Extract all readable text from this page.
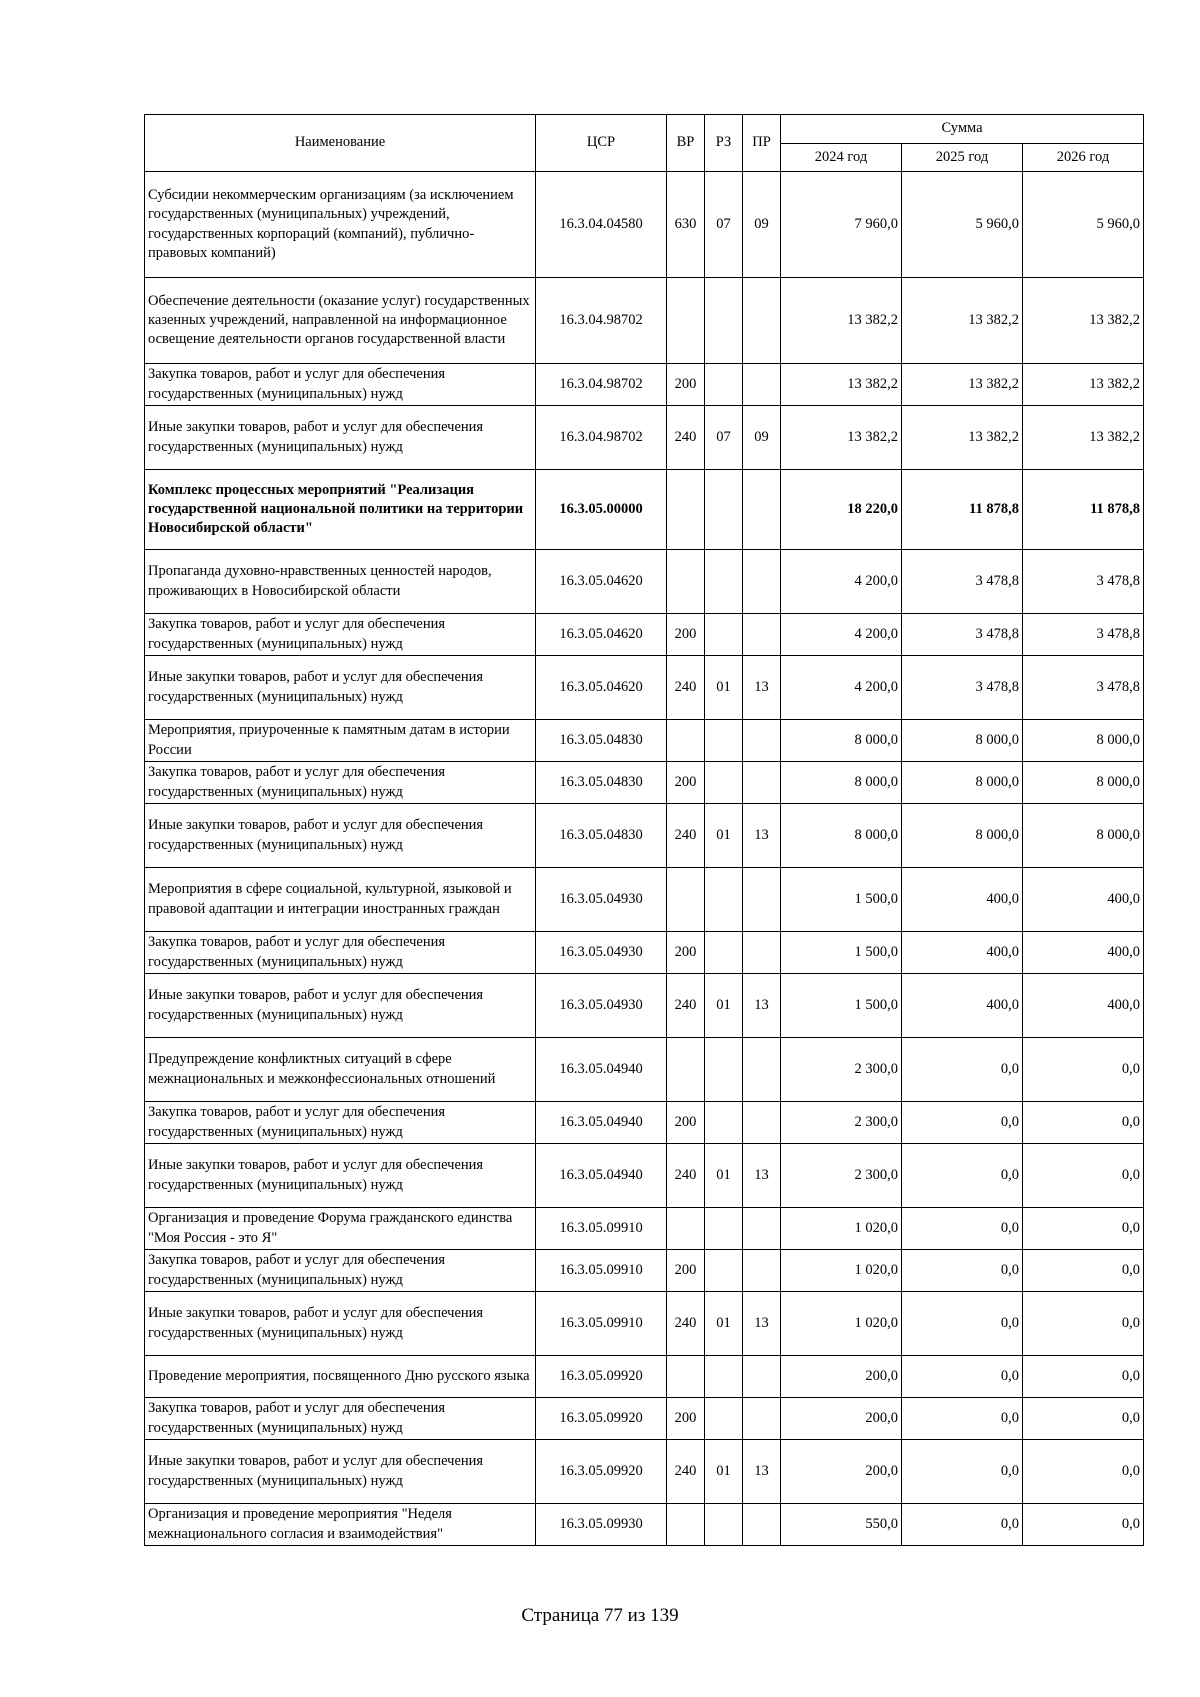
Наименование	ЦСР	ВР	РЗ	ПР	Сумма		
					2024 год	2025 год	2026 год
Субсидии некоммерческим организациям (за исключением государственных (муниципальных) учреждений, государственных корпораций (компаний), публично-правовых компаний)	16.3.04.04580	630	07	09	7 960,0	5 960,0	5 960,0
Обеспечение деятельности (оказание услуг) государственных казенных учреждений, направленной на информационное освещение деятельности органов государственной власти	16.3.04.98702				13 382,2	13 382,2	13 382,2
Закупка товаров, работ и услуг для обеспечения государственных (муниципальных) нужд	16.3.04.98702	200			13 382,2	13 382,2	13 382,2
Иные закупки товаров, работ и услуг для обеспечения государственных (муниципальных) нужд	16.3.04.98702	240	07	09	13 382,2	13 382,2	13 382,2
Комплекс процессных мероприятий "Реализация государственной национальной политики на территории Новосибирской области"	16.3.05.00000				18 220,0	11 878,8	11 878,8
Пропаганда духовно-нравственных ценностей народов, проживающих в Новосибирской области	16.3.05.04620				4 200,0	3 478,8	3 478,8
Закупка товаров, работ и услуг для обеспечения государственных (муниципальных) нужд	16.3.05.04620	200			4 200,0	3 478,8	3 478,8
Иные закупки товаров, работ и услуг для обеспечения государственных (муниципальных) нужд	16.3.05.04620	240	01	13	4 200,0	3 478,8	3 478,8
Мероприятия, приуроченные к памятным датам в истории России	16.3.05.04830				8 000,0	8 000,0	8 000,0
Закупка товаров, работ и услуг для обеспечения государственных (муниципальных) нужд	16.3.05.04830	200			8 000,0	8 000,0	8 000,0
Иные закупки товаров, работ и услуг для обеспечения государственных (муниципальных) нужд	16.3.05.04830	240	01	13	8 000,0	8 000,0	8 000,0
Мероприятия в сфере социальной, культурной, языковой и правовой адаптации и интеграции иностранных граждан	16.3.05.04930				1 500,0	400,0	400,0
Закупка товаров, работ и услуг для обеспечения государственных (муниципальных) нужд	16.3.05.04930	200			1 500,0	400,0	400,0
Иные закупки товаров, работ и услуг для обеспечения государственных (муниципальных) нужд	16.3.05.04930	240	01	13	1 500,0	400,0	400,0
Предупреждение конфликтных ситуаций в сфере межнациональных и межконфессиональных отношений	16.3.05.04940				2 300,0	0,0	0,0
Закупка товаров, работ и услуг для обеспечения государственных (муниципальных) нужд	16.3.05.04940	200			2 300,0	0,0	0,0
Иные закупки товаров, работ и услуг для обеспечения государственных (муниципальных) нужд	16.3.05.04940	240	01	13	2 300,0	0,0	0,0
Организация и проведение Форума гражданского единства "Моя Россия - это Я"	16.3.05.09910				1 020,0	0,0	0,0
Закупка товаров, работ и услуг для обеспечения государственных (муниципальных) нужд	16.3.05.09910	200			1 020,0	0,0	0,0
Иные закупки товаров, работ и услуг для обеспечения государственных (муниципальных) нужд	16.3.05.09910	240	01	13	1 020,0	0,0	0,0
Проведение мероприятия, посвященного Дню русского языка	16.3.05.09920				200,0	0,0	0,0
Закупка товаров, работ и услуг для обеспечения государственных (муниципальных) нужд	16.3.05.09920	200			200,0	0,0	0,0
Иные закупки товаров, работ и услуг для обеспечения государственных (муниципальных) нужд	16.3.05.09920	240	01	13	200,0	0,0	0,0
Организация и проведение мероприятия "Неделя межнационального согласия и взаимодействия"	16.3.05.09930				550,0	0,0	0,0
Страница 77 из 139
